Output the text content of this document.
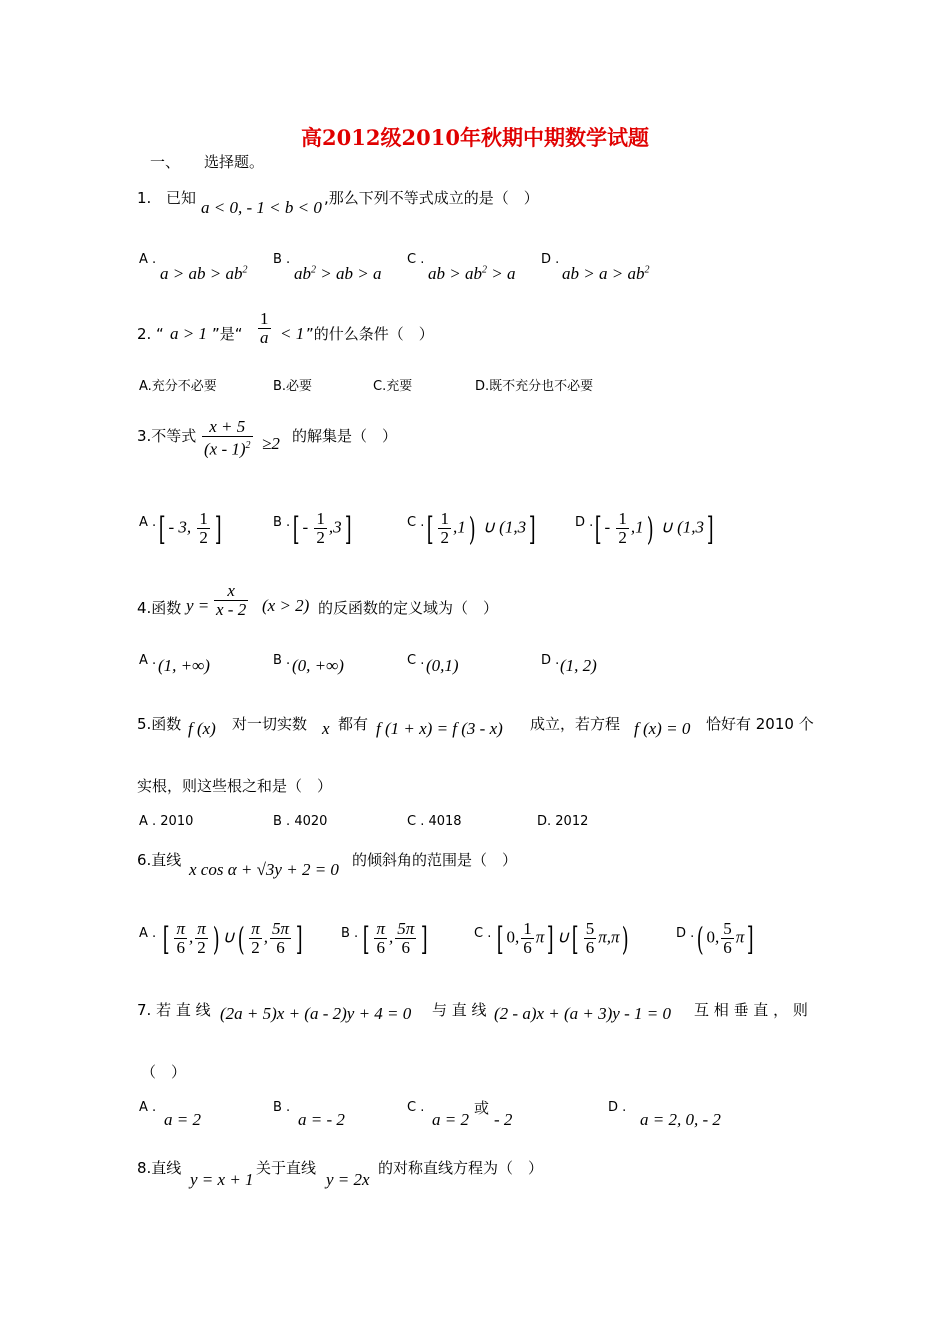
高2012级2010年秋期中期数学试题
一、 选择题。
1. 已知 a < 0, - 1 < b < 0 ,那么下列不等式成立的是（　）
A .
a > ab > $ab^2$
B .
$ab^2$ > ab > a
C .
ab > $ab^2 > a$
D .
ab > $a > ab^2$
2. “ a > 1 ”是“ $\frac{1}{a} < 1$ ”的什么条件（　）
A.充分不必要	B.必要	C.充要	D.既不充分也不必要
3.不等式 $\frac{x + 5}{(x - 1)^2} \ge 2$ 的解集是（　）
A . [ - 3, $\frac{1}{2}$ ]	B . [ - $\frac{1}{2} ,3$]	C . [ $\frac{1}{2} ,1$) ∪ (1,3]	D . [ - $\frac{1}{2} ,1$) ∪ (1,3]
4.函数 $y = \frac{x}{x - 2} (x > 2)$ 的反函数的定义域为（　）
A . (1, +∞)	B . (0, +∞)	C . (0,1)	D . (1, 2)
5.函数 f (x) 对一切实数 x 都有 f (1 + x) = f (3 - x) 成立，若方程 f (x) = 0 恰好有 2010 个
实根，则这些根之和是（　）
A . 2010	B . 4020	C . 4018	D. 2012
6.直线 x cos α + √3y + 2 = 0 的倾斜角的范围是（　）
A . [ $\frac{\pi}{6}$ , $\frac{\pi}{2}$ ) ∪( $\frac{\pi}{2}$ , $\frac{5\pi}{6}$ ]	B . [ $\frac{\pi}{6}$ , $\frac{5\pi}{6}$ ]	C . [ 0, $\frac{1}{6} \pi$] ∪[ $\frac{5}{6} \pi,\pi$)	D . ( 0, $\frac{5}{6} \pi$]
7. 若 直 线 (2a + 5)x + (a - 2)y + 4 = 0 与 直 线 (2 - a)x + (a + 3)y - 1 = 0 互 相 垂 直 ， 则
（　）
A .
a = 2
B .
a = - 2
C .
a = 2
或
- 2
D .
a = 2, 0, - 2
8.直线
y = x + 1
关于直线
y = 2x
的对称直线方程为（　）
